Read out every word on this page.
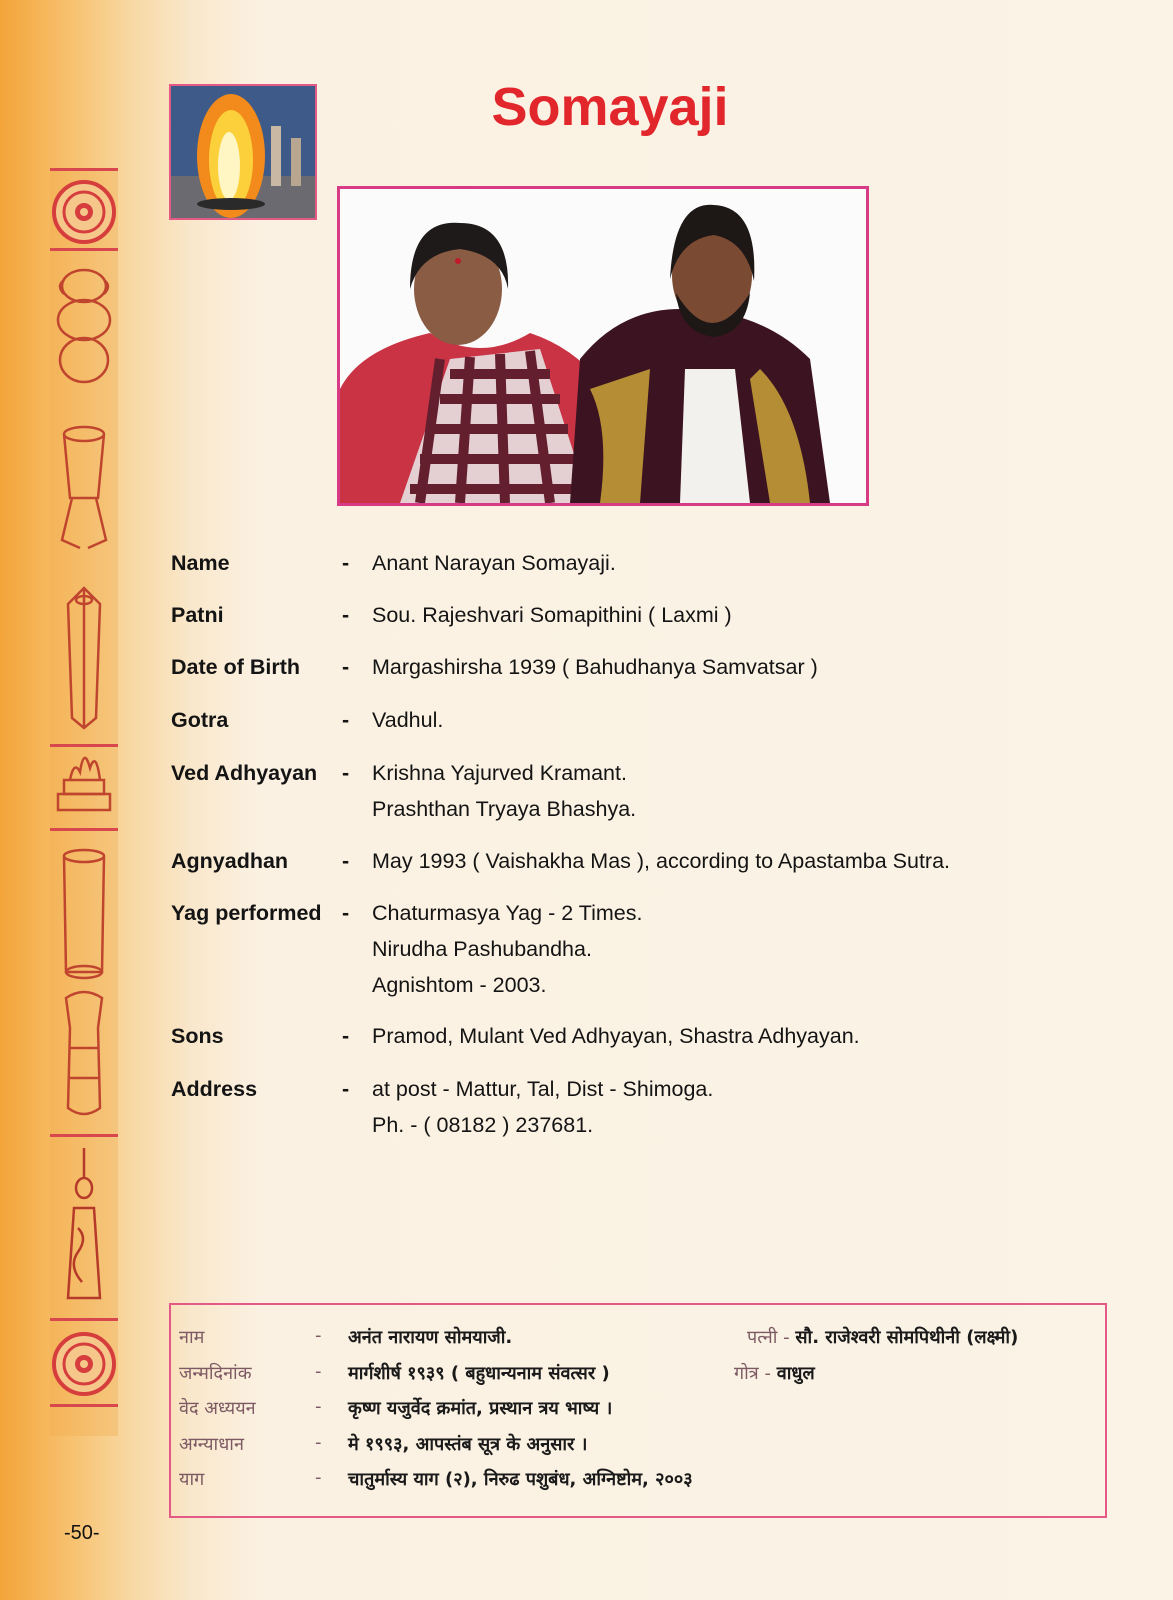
Somayaji
Name	- Anant Narayan Somayaji.
Patni	- Sou. Rajeshvari Somapithini ( Laxmi )
Date of Birth - Margashirsha 1939 ( Bahudhanya Samvatsar )
Gotra	- Vadhul.
Ved Adhyayan - Krishna Yajurved Kramant.
Prashthan Tryaya Bhashya.
Agnyadhan	- May 1993 ( Vaishakha Mas ), according to Apastamba Sutra.
Yag performed - Chaturmasya Yag - 2 Times.
Nirudha Pashubandha.
Agnishtom - 2003.
Sons	- Pramod, Mulant Ved Adhyayan, Shastra Adhyayan.
Address	- at post - Mattur, Tal, Dist - Shimoga.
Ph. - ( 08182 ) 237681.
नाम	- अनंत नारायण सोमयाजी.
जन्मदिनांक	- मार्गशीर्ष १९३९ ( बहुधान्यनाम संवत्सर )
वेद अध्ययन	- कृष्ण यजुर्वेद क्रमांत, प्रस्थान त्रय भाष्य ।
अग्न्याधान	- मे १९९३, आपस्तंब सूत्र के अनुसार ।
याग	- चातुर्मास्य याग (२), निरुढ पशुबंध, अग्निष्टोम, २००३
पत्नी - सौ. राजेश्वरी सोमपिथीनी (लक्ष्मी)
गोत्र - वाधुल
-50-
